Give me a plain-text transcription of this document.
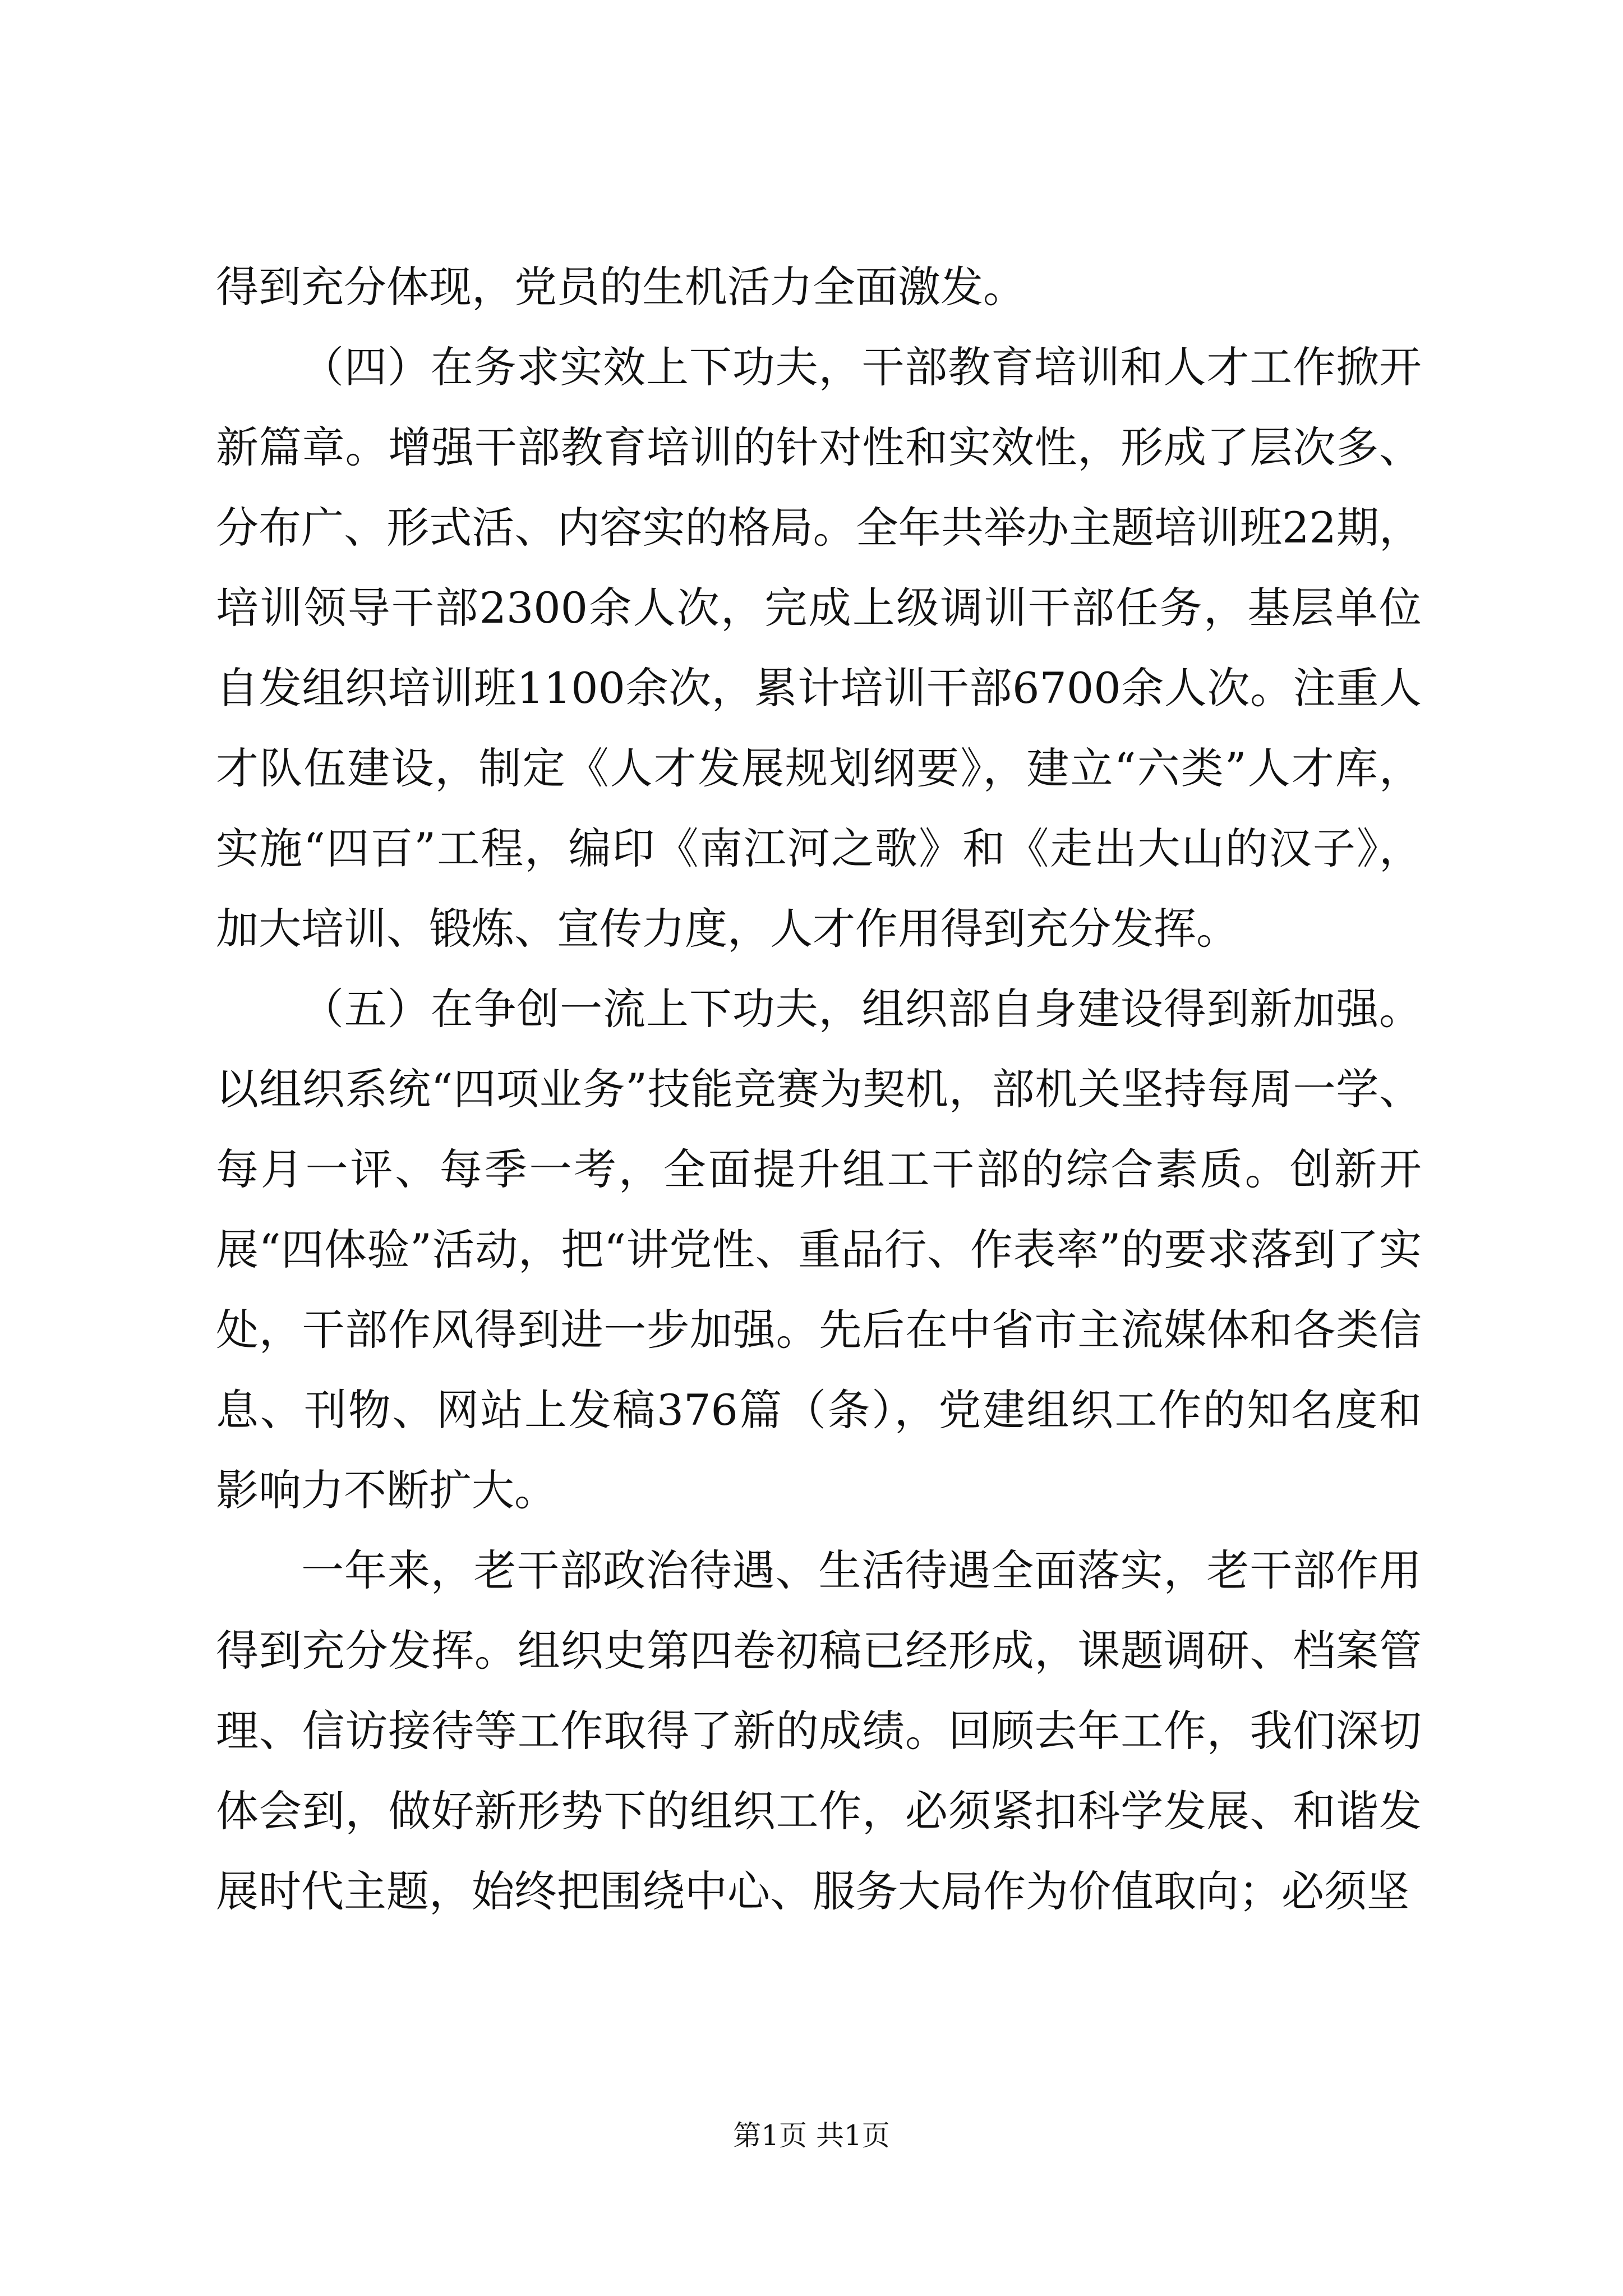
得到充分体现，党员的生机活力全面激发。

（四）在务求实效上下功夫，干部教育培训和人才工作掀开新篇章。增强干部教育培训的针对性和实效性，形成了层次多、分布广、形式活、内容实的格局。全年共举办主题培训班22期，培训领导干部2300余人次，完成上级调训干部任务，基层单位自发组织培训班1100余次，累计培训干部6700余人次。注重人才队伍建设，制定《人才发展规划纲要》，建立“六类”人才库，实施“四百”工程，编印《南江河之歌》和《走出大山的汉子》，加大培训、锻炼、宣传力度，人才作用得到充分发挥。

（五）在争创一流上下功夫，组织部自身建设得到新加强。以组织系统“四项业务”技能竞赛为契机，部机关坚持每周一学、每月一评、每季一考，全面提升组工干部的综合素质。创新开展“四体验”活动，把“讲党性、重品行、作表率”的要求落到了实处，干部作风得到进一步加强。先后在中省市主流媒体和各类信息、刊物、网站上发稿376篇（条），党建组织工作的知名度和影响力不断扩大。

一年来，老干部政治待遇、生活待遇全面落实，老干部作用得到充分发挥。组织史第四卷初稿已经形成，课题调研、档案管理、信访接待等工作取得了新的成绩。回顾去年工作，我们深切体会到，做好新形势下的组织工作，必须紧扣科学发展、和谐发展时代主题，始终把围绕中心、服务大局作为价值取向；必须坚

第1页 共1页
